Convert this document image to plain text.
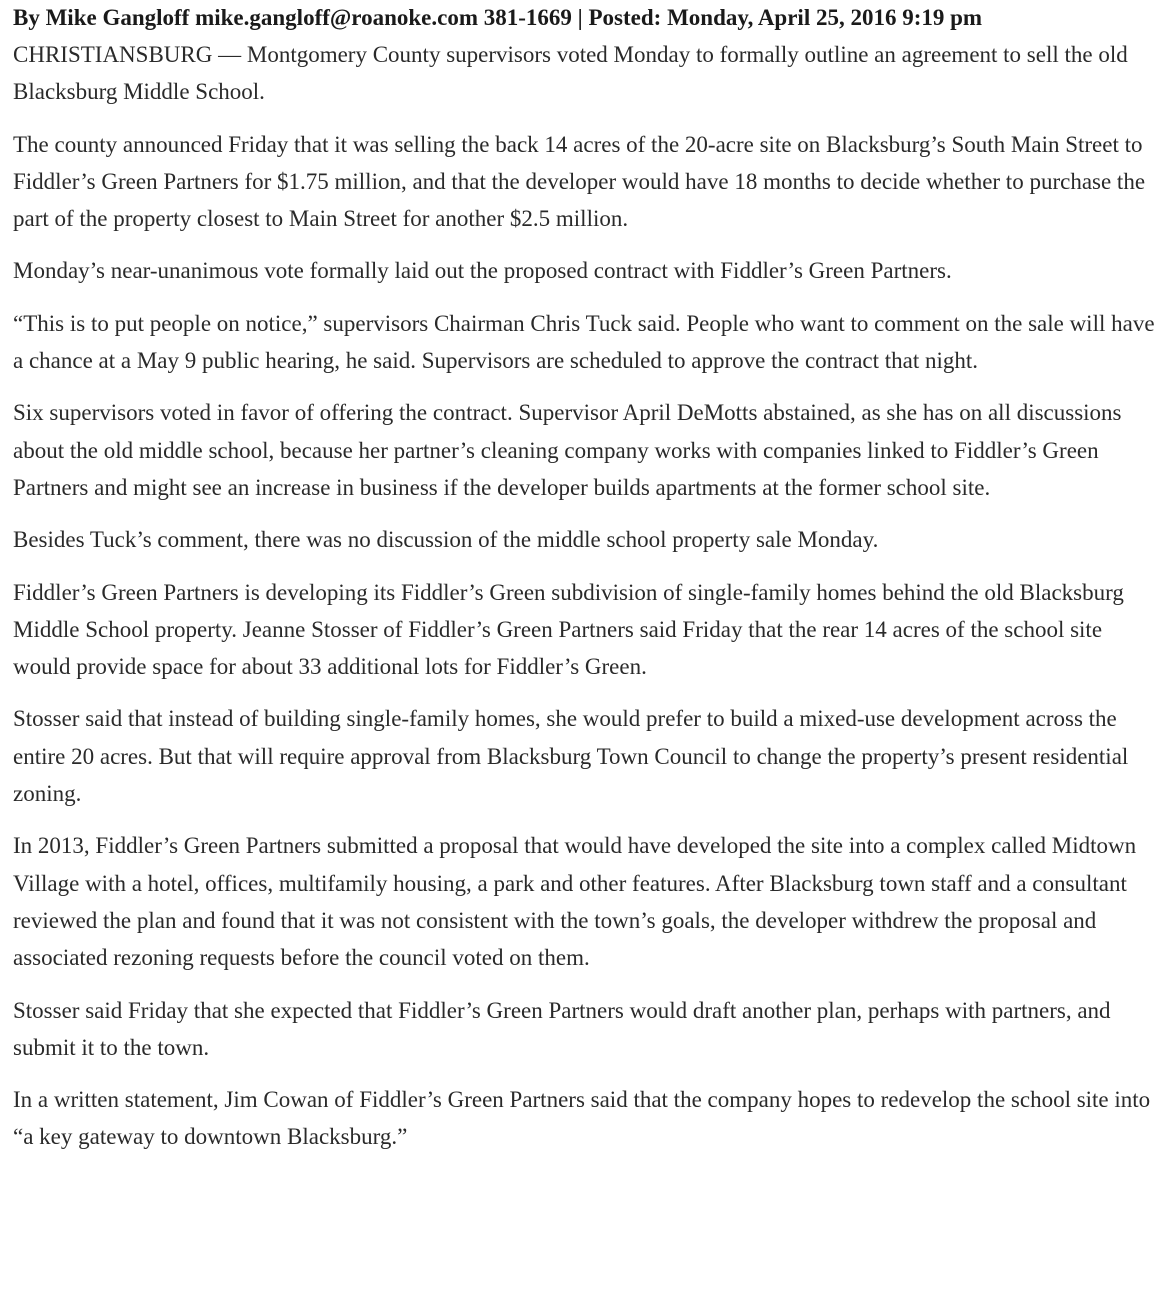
By Mike Gangloff mike.gangloff@roanoke.com 381-1669 | Posted: Monday, April 25, 2016 9:19 pm

CHRISTIANSBURG — Montgomery County supervisors voted Monday to formally outline an agreement to sell the old Blacksburg Middle School.

The county announced Friday that it was selling the back 14 acres of the 20-acre site on Blacksburg’s South Main Street to Fiddler’s Green Partners for $1.75 million, and that the developer would have 18 months to decide whether to purchase the part of the property closest to Main Street for another $2.5 million.

Monday’s near-unanimous vote formally laid out the proposed contract with Fiddler’s Green Partners.

“This is to put people on notice,” supervisors Chairman Chris Tuck said. People who want to comment on the sale will have a chance at a May 9 public hearing, he said. Supervisors are scheduled to approve the contract that night.

Six supervisors voted in favor of offering the contract. Supervisor April DeMotts abstained, as she has on all discussions about the old middle school, because her partner’s cleaning company works with companies linked to Fiddler’s Green Partners and might see an increase in business if the developer builds apartments at the former school site.

Besides Tuck’s comment, there was no discussion of the middle school property sale Monday.

Fiddler’s Green Partners is developing its Fiddler’s Green subdivision of single-family homes behind the old Blacksburg Middle School property. Jeanne Stosser of Fiddler’s Green Partners said Friday that the rear 14 acres of the school site would provide space for about 33 additional lots for Fiddler’s Green.

Stosser said that instead of building single-family homes, she would prefer to build a mixed-use development across the entire 20 acres. But that will require approval from Blacksburg Town Council to change the property’s present residential zoning.

In 2013, Fiddler’s Green Partners submitted a proposal that would have developed the site into a complex called Midtown Village with a hotel, offices, multifamily housing, a park and other features. After Blacksburg town staff and a consultant reviewed the plan and found that it was not consistent with the town’s goals, the developer withdrew the proposal and associated rezoning requests before the council voted on them.

Stosser said Friday that she expected that Fiddler’s Green Partners would draft another plan, perhaps with partners, and submit it to the town.

In a written statement, Jim Cowan of Fiddler’s Green Partners said that the company hopes to redevelop the school site into “a key gateway to downtown Blacksburg.”
